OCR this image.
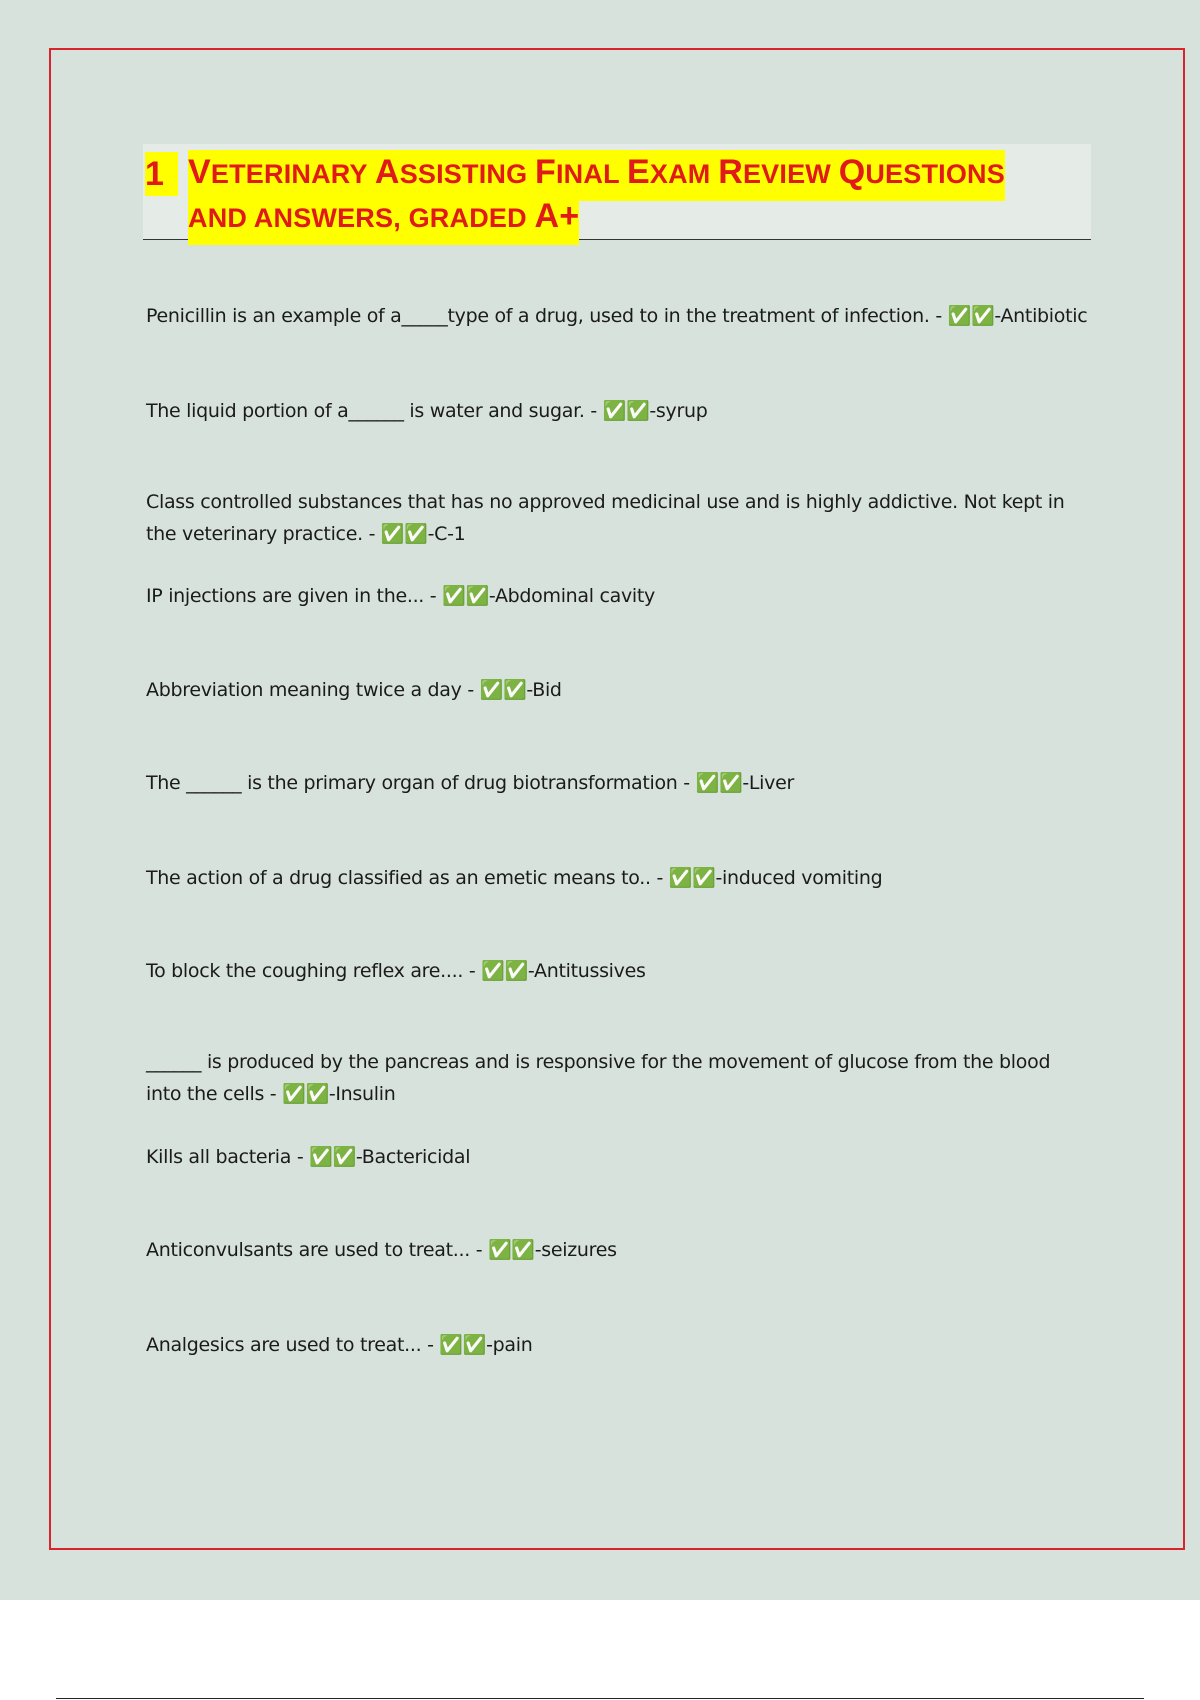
1 VETERINARY ASSISTING FINAL EXAM REVIEW QUESTIONS
AND ANSWERS, GRADED A+
Penicillin is an example of a_____type of a drug, used to in the treatment of infection. - ✅✅-Antibiotic
The liquid portion of a______ is water and sugar. - ✅✅-syrup
Class controlled substances that has no approved medicinal use and is highly addictive. Not kept in the veterinary practice. - ✅✅-C-1
IP injections are given in the... - ✅✅-Abdominal cavity
Abbreviation meaning twice a day - ✅✅-Bid
The ______ is the primary organ of drug biotransformation - ✅✅-Liver
The action of a drug classified as an emetic means to.. - ✅✅-induced vomiting
To block the coughing reflex are.... - ✅✅-Antitussives
______ is produced by the pancreas and is responsive for the movement of glucose from the blood into the cells - ✅✅-Insulin
Kills all bacteria - ✅✅-Bactericidal
Anticonvulsants are used to treat... - ✅✅-seizures
Analgesics are used to treat... - ✅✅-pain
